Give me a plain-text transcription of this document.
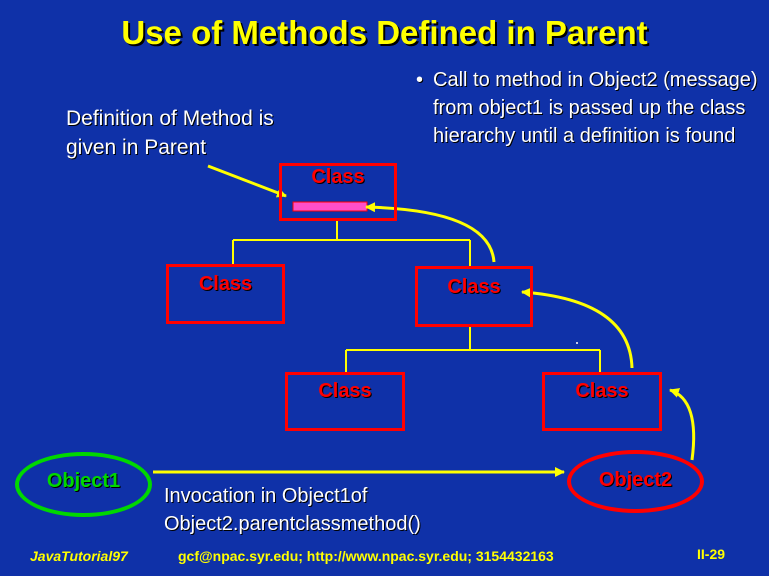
Use of Methods Defined in Parent
Definition of Method is
given in Parent
• Call to method in Object2 (message) from object1 is passed up the class hierarchy until a definition is found
Class
Class	Class
Class	Class
Object1	Object2
Invocation in Object1of
Object2.parentclassmethod()
JavaTutorial97	gcf@npac.syr.edu; http://www.npac.syr.edu; 3154432163	II-29
